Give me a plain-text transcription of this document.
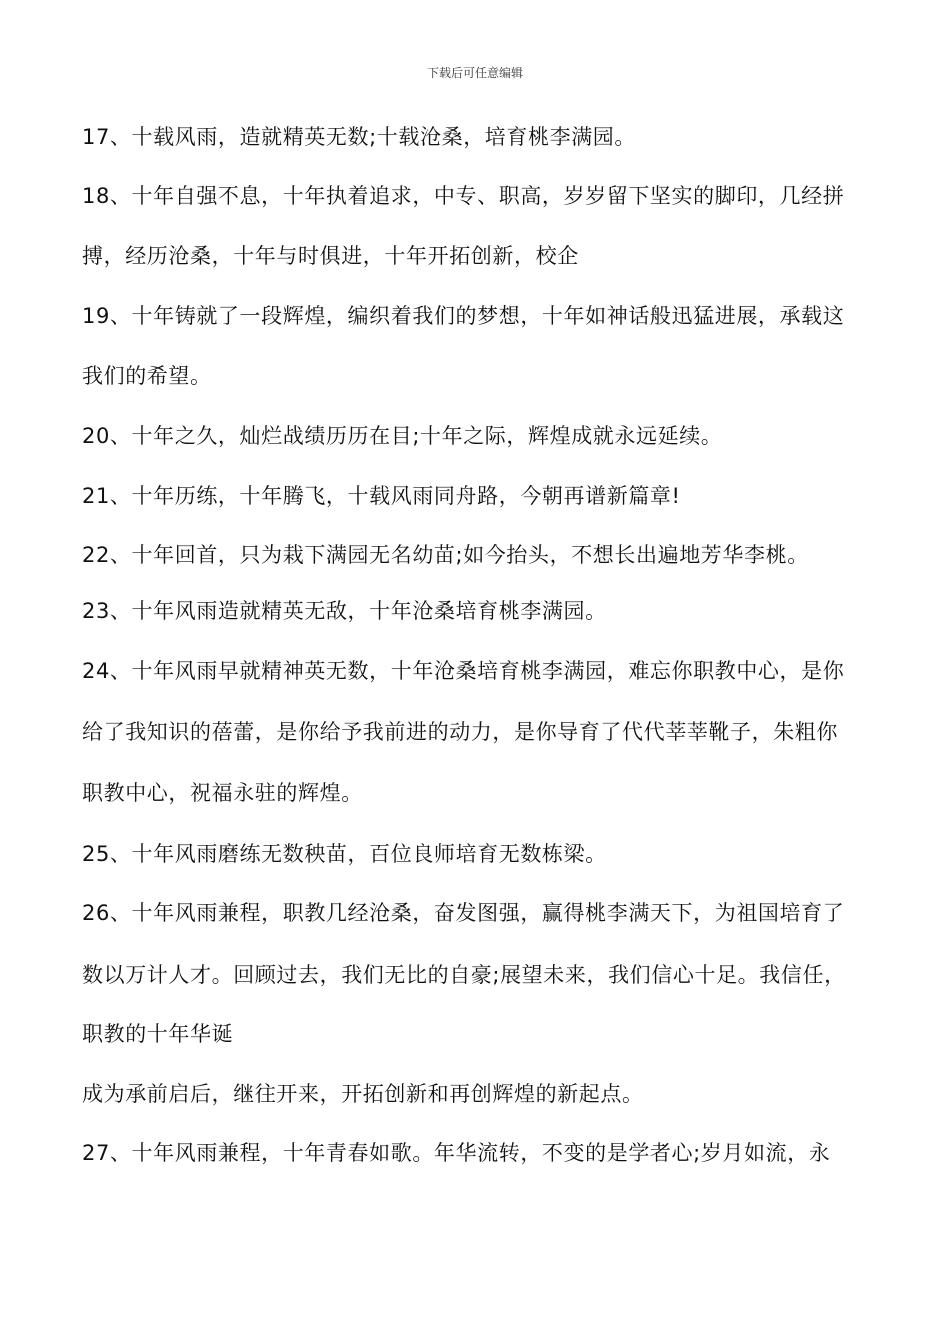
下载后可任意编辑
17、十载风雨，造就精英无数;十载沧桑，培育桃李满园。
18、十年自强不息，十年执着追求，中专、职高，岁岁留下坚实的脚印，几经拼
搏，经历沧桑，十年与时俱进，十年开拓创新，校企
19、十年铸就了一段辉煌，编织着我们的梦想，十年如神话般迅猛进展，承载这
我们的希望。
20、十年之久，灿烂战绩历历在目;十年之际，辉煌成就永远延续。
21、十年历练，十年腾飞，十载风雨同舟路，今朝再谱新篇章!
22、十年回首，只为栽下满园无名幼苗;如今抬头，不想长出遍地芳华李桃。
23、十年风雨造就精英无敌，十年沧桑培育桃李满园。
24、十年风雨早就精神英无数，十年沧桑培育桃李满园，难忘你职教中心，是你
给了我知识的蓓蕾，是你给予我前进的动力，是你导育了代代莘莘靴子，朱粗你
职教中心，祝福永驻的辉煌。
25、十年风雨磨练无数秧苗，百位良师培育无数栋梁。
26、十年风雨兼程，职教几经沧桑，奋发图强，赢得桃李满天下，为祖国培育了
数以万计人才。回顾过去，我们无比的自豪;展望未来，我们信心十足。我信任，
职教的十年华诞
成为承前启后，继往开来，开拓创新和再创辉煌的新起点。
27、十年风雨兼程，十年青春如歌。年华流转，不变的是学者心;岁月如流，永
